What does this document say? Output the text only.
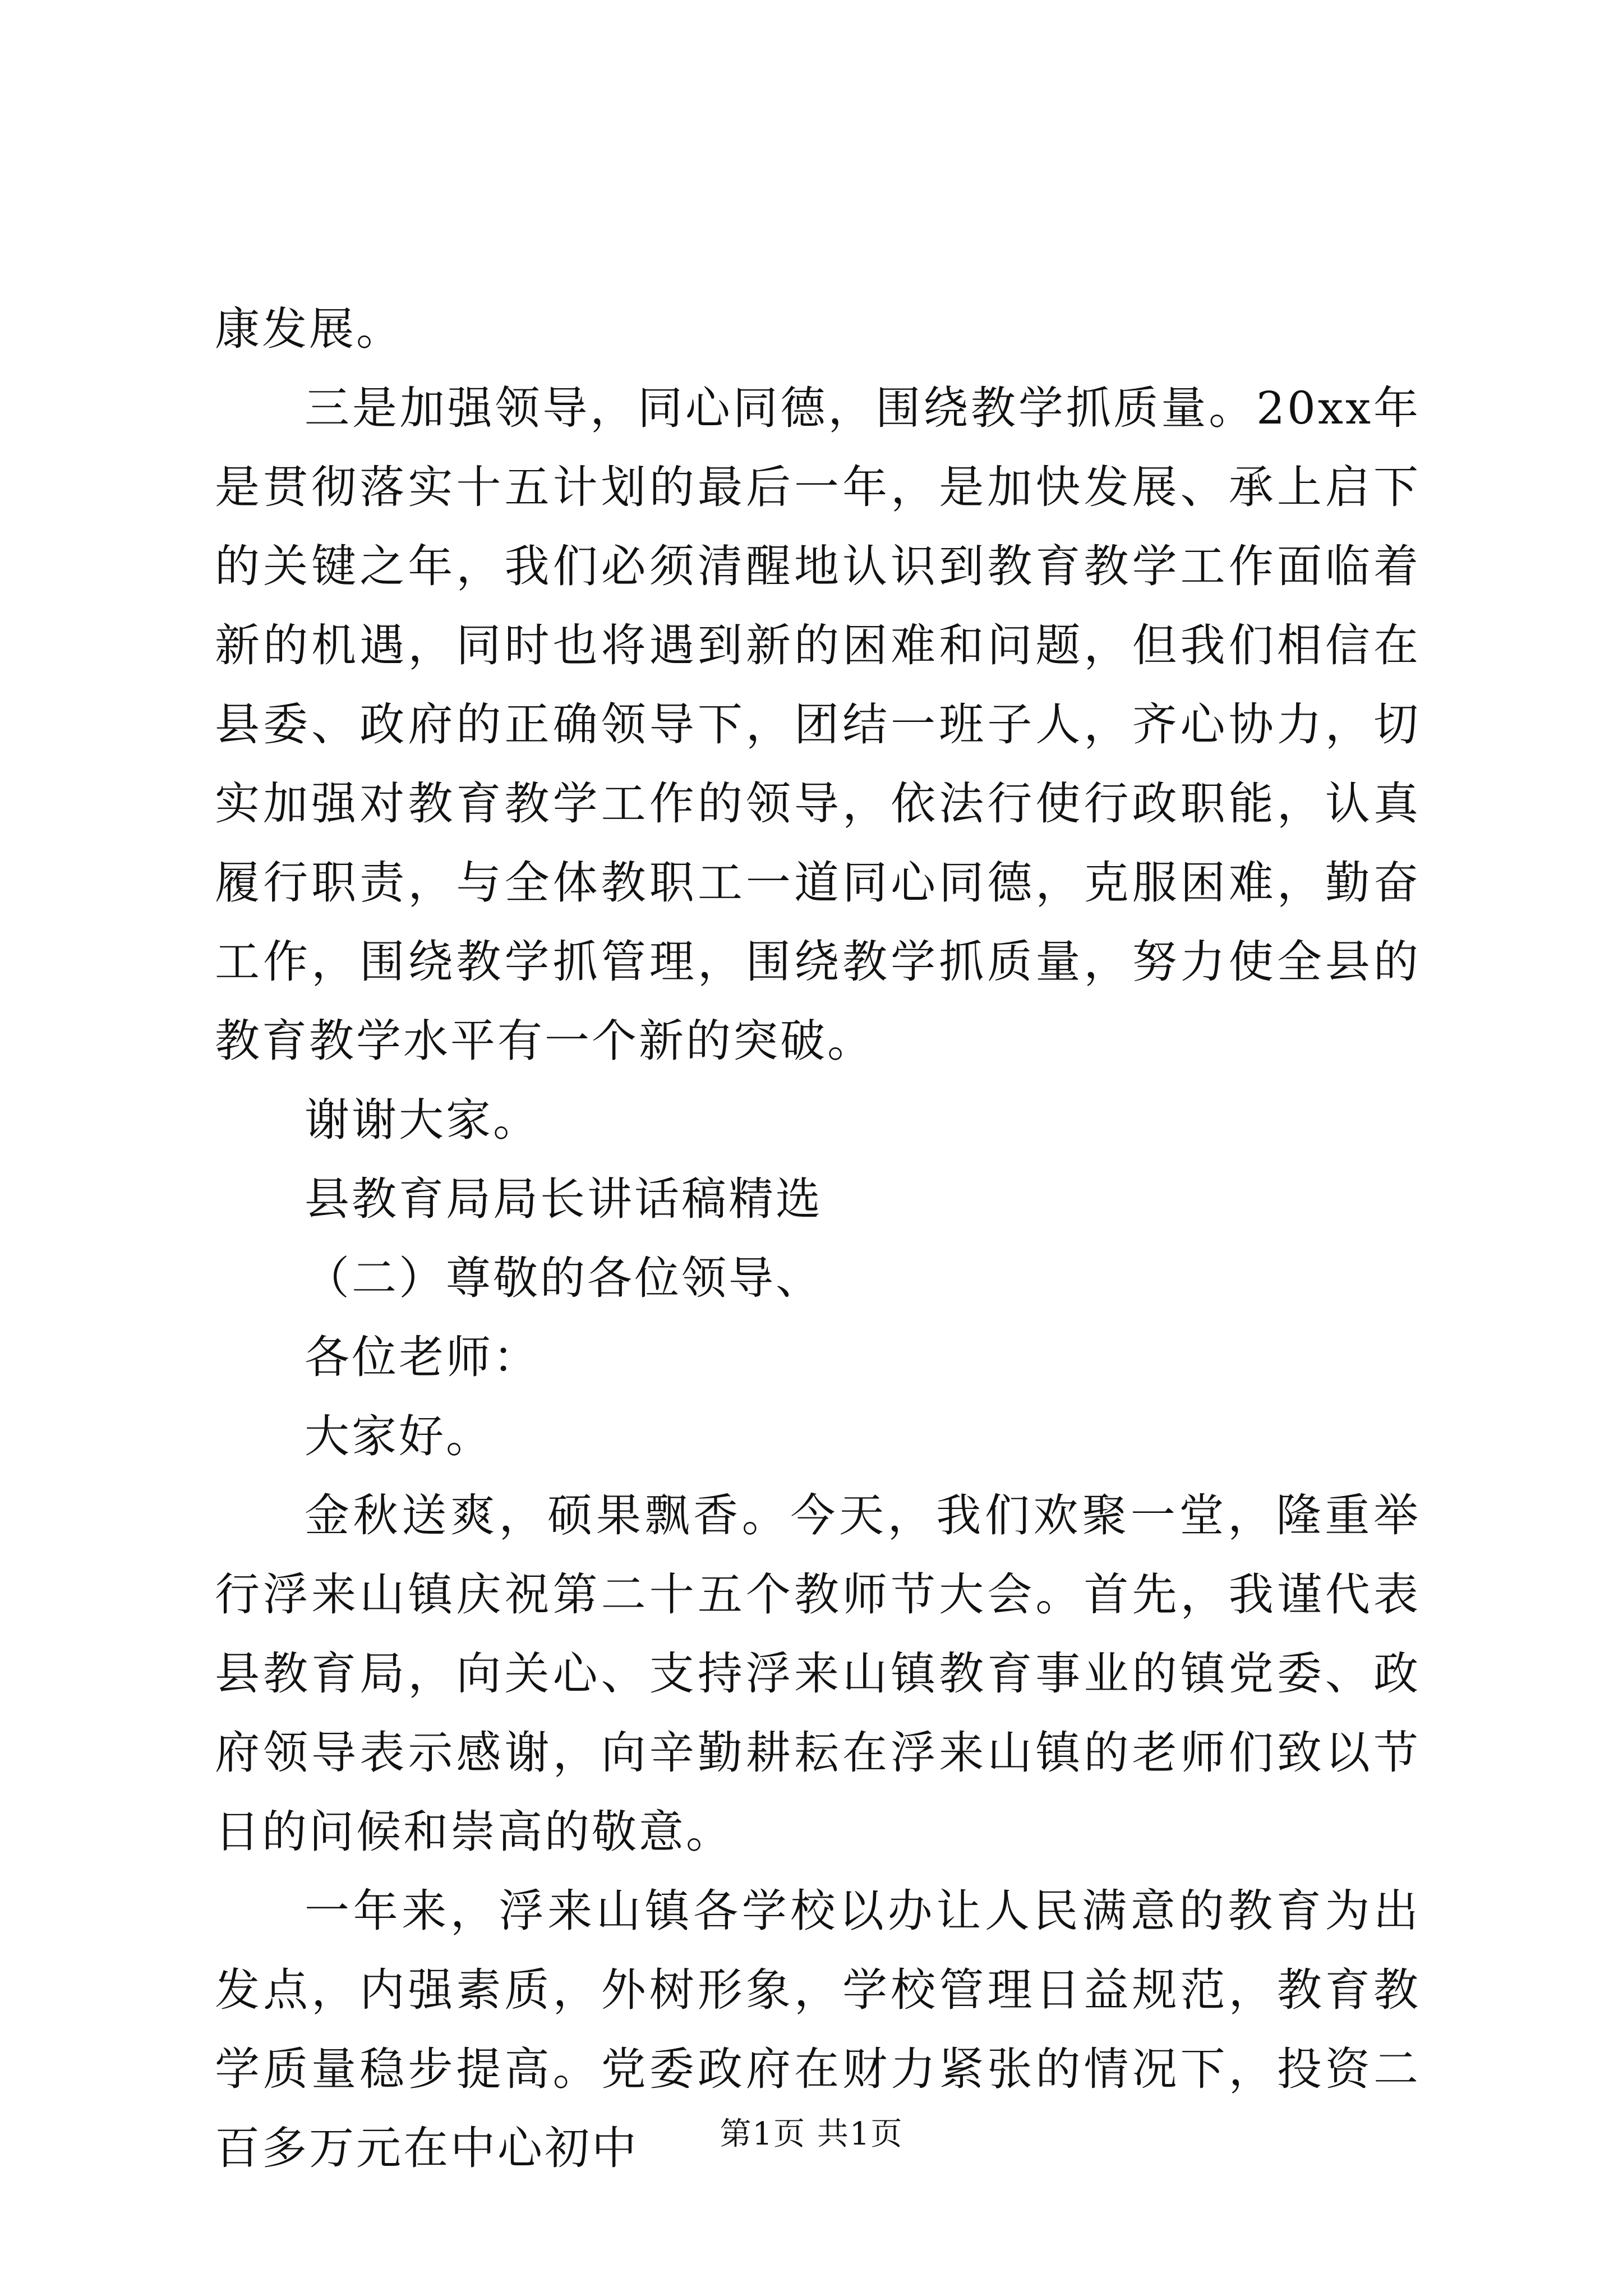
康发展。

三是加强领导，同心同德，围绕教学抓质量。20xx年是贯彻落实十五计划的最后一年，是加快发展、承上启下的关键之年，我们必须清醒地认识到教育教学工作面临着新的机遇，同时也将遇到新的困难和问题，但我们相信在县委、政府的正确领导下，团结一班子人，齐心协力，切实加强对教育教学工作的领导，依法行使行政职能，认真履行职责，与全体教职工一道同心同德，克服困难，勤奋工作，围绕教学抓管理，围绕教学抓质量，努力使全县的教育教学水平有一个新的突破。

谢谢大家。

县教育局局长讲话稿精选

（二）尊敬的各位领导、

各位老师：

大家好。

金秋送爽，硕果飘香。今天，我们欢聚一堂，隆重举行浮来山镇庆祝第二十五个教师节大会。首先，我谨代表县教育局，向关心、支持浮来山镇教育事业的镇党委、政府领导表示感谢，向辛勤耕耘在浮来山镇的老师们致以节日的问候和崇高的敬意。

一年来，浮来山镇各学校以办让人民满意的教育为出发点，内强素质，外树形象，学校管理日益规范，教育教学质量稳步提高。党委政府在财力紧张的情况下，投资二百多万元在中心初中	第1页 共1页
